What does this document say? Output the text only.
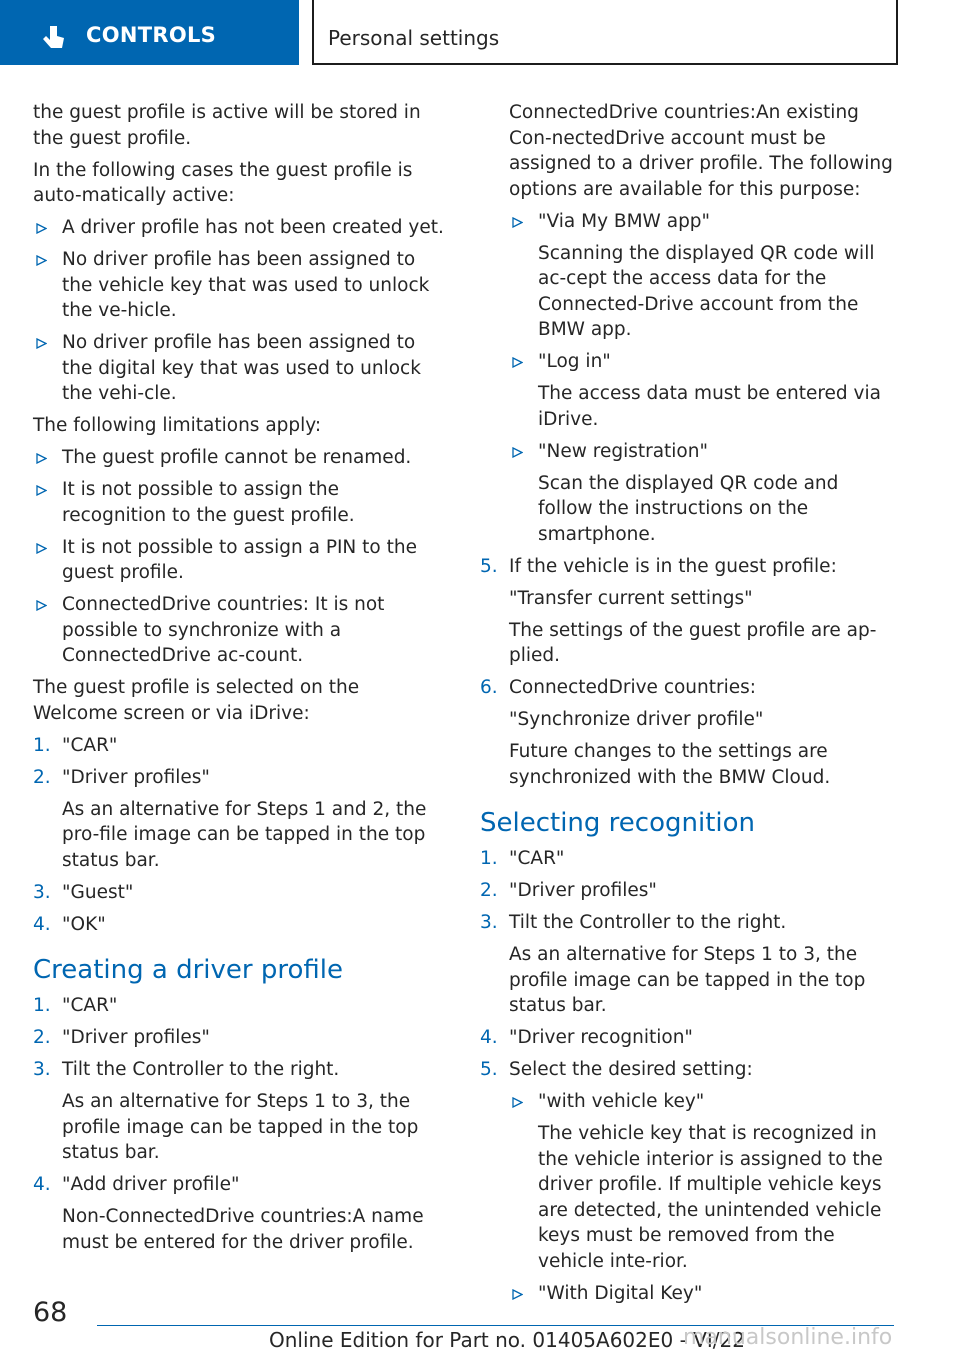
CONTROLS	Personal settings

the guest profile is active will be stored in the guest profile.

In the following cases the guest profile is auto-matically active:

A driver profile has not been created yet.
No driver profile has been assigned to the vehicle key that was used to unlock the ve-hicle.
No driver profile has been assigned to the digital key that was used to unlock the vehi-cle.

The following limitations apply:

The guest profile cannot be renamed.
It is not possible to assign the recognition to the guest profile.
It is not possible to assign a PIN to the guest profile.
ConnectedDrive countries: It is not possible to synchronize with a ConnectedDrive ac-count.

The guest profile is selected on the Welcome screen or via iDrive:

1. "CAR"
2. "Driver profiles"

As an alternative for Steps 1 and 2, the pro-file image can be tapped in the top status bar.

3. "Guest"
4. "OK"
Creating a driver profile
1. "CAR"
2. "Driver profiles"
3. Tilt the Controller to the right.

As an alternative for Steps 1 to 3, the profile image can be tapped in the top status bar.

4. "Add driver profile"

Non-ConnectedDrive countries:A name must be entered for the driver profile.

ConnectedDrive countries:An existing Con-nectedDrive account must be assigned to a driver profile. The following options are available for this purpose:

"Via My BMW app"

Scanning the displayed QR code will ac-cept the access data for the Connected-Drive account from the BMW app.

"Log in"

The access data must be entered via iDrive.

"New registration"

Scan the displayed QR code and follow the instructions on the smartphone.

5. If the vehicle is in the guest profile:

"Transfer current settings"

The settings of the guest profile are ap-plied.

6. ConnectedDrive countries:

"Synchronize driver profile"

Future changes to the settings are synchronized with the BMW Cloud.

Selecting recognition
1. "CAR"
2. "Driver profiles"
3. Tilt the Controller to the right.

As an alternative for Steps 1 to 3, the profile image can be tapped in the top status bar.

4. "Driver recognition"
5. Select the desired setting:
"with vehicle key"

The vehicle key that is recognized in the vehicle interior is assigned to the driver profile. If multiple vehicle keys are detected, the unintended vehicle keys must be removed from the vehicle inte-rior.

"With Digital Key"
68
Online Edition for Part no. 01405A602E0 - VI/22
manualsonline.info
